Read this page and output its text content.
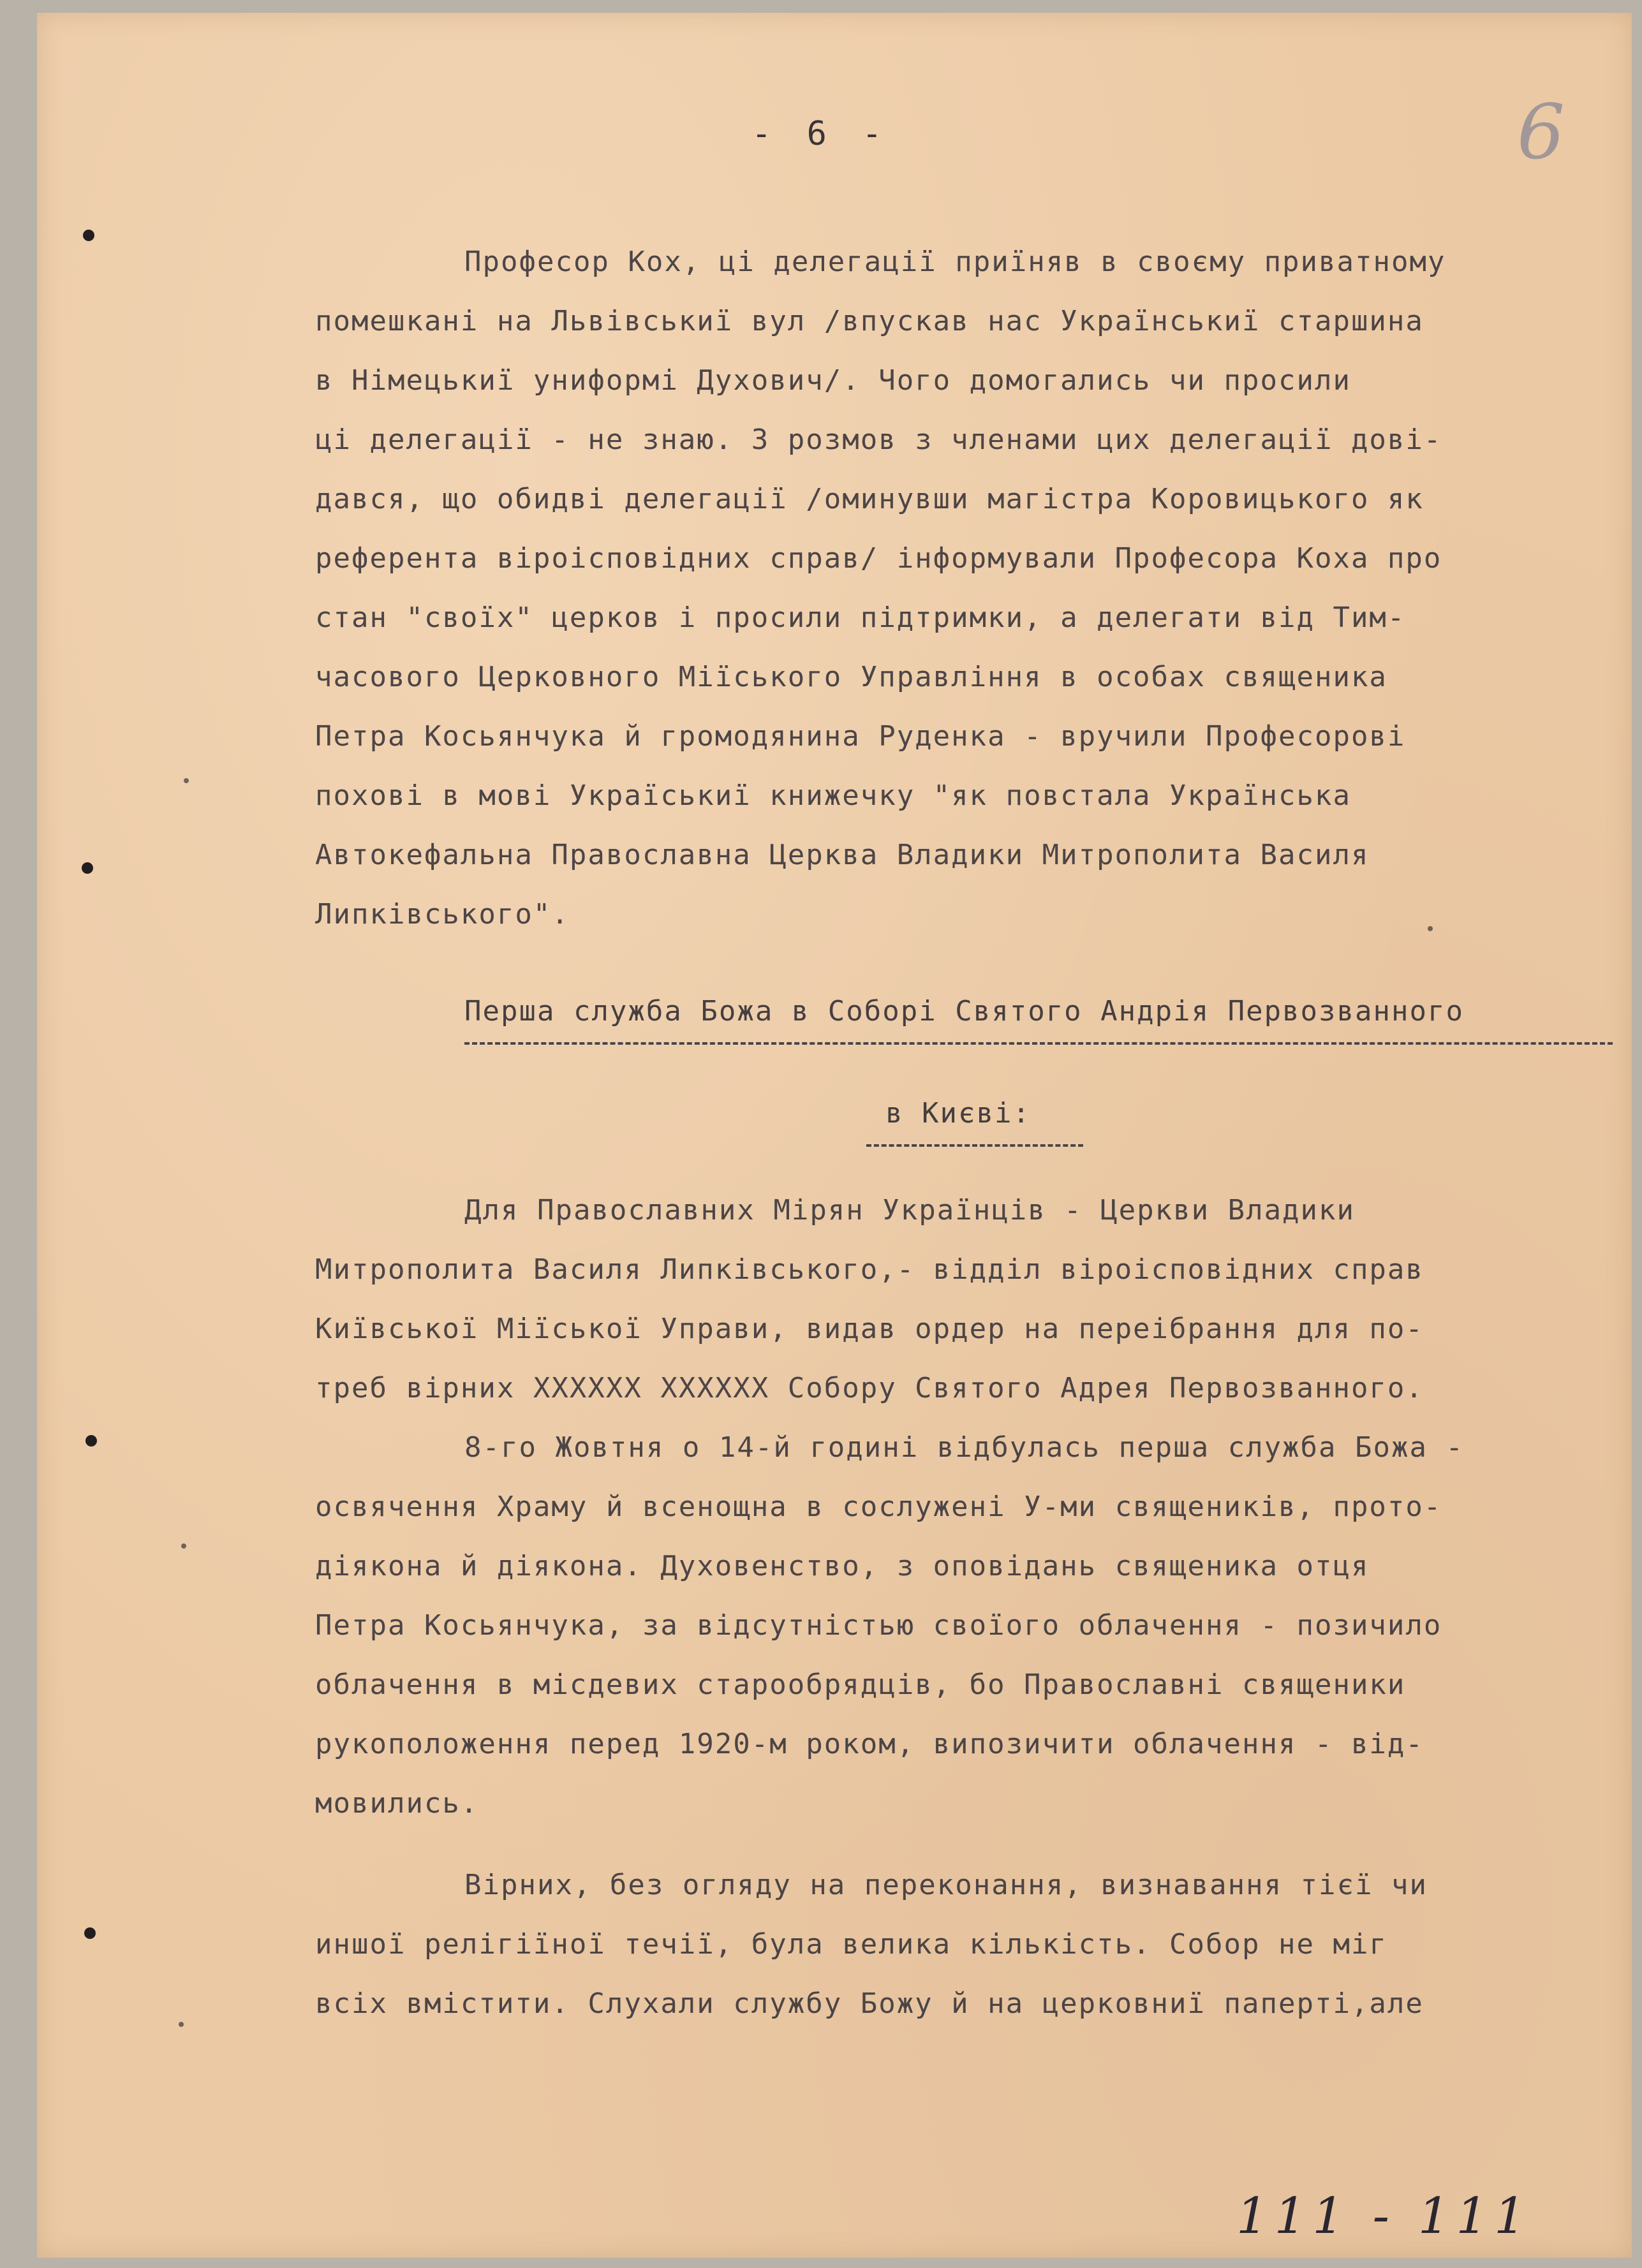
- 6 -	6
Професор Кох, ці делегації приїняв в своєму приватному
помешкані на Львівськиї вул /впускав нас Українськиї старшина
в Німецькиї униформі Духович/. Чого домогались чи просили
ці делегації - не знаю. З розмов з членами цих делегації дові-
дався, що обидві делегації /оминувши магістра Коровицького як
референта віроісповідних справ/ інформували Професора Коха про
стан "своїх" церков і просили підтримки, а делегати від Тим-
часового Церковного Міїського Управління в особах священика
Петра Косьянчука й громодянина Руденка - вручили Професорові
похові в мові Україськиї книжечку "як повстала Українська
Автокефальна Православна Церква Владики Митрополита Василя
Липківського".
Перша служба Божа в Соборі Святого Андрія Первозванного
в Києві:
Для Православних Мірян Українців - Церкви Владики
Митрополита Василя Липківського,- відділ віроісповідних справ
Київської Міїської Управи, видав ордер на переібрання для по-
треб вірних ХХХХХХ ХХХХХХ Собору Святого Адрея Первозванного.
8-го Жовтня о 14-й годині відбулась перша служба Божа -
освячення Храму й всенощна в сослужені У-ми священиків, прото-
діякона й діякона. Духовенство, з оповідань священика отця
Петра Косьянчука, за відсутністью своїого облачення - позичило
облачення в місдевих старообрядців, бо Православні священики
рукоположення перед 1920-м роком, випозичити облачення - від-
мовились.
Вірних, без огляду на переконання, визнавання тієї чи
иншої релігіїної течії, була велика кількість. Собор не міг
всіх вмістити. Слухали службу Божу й на церковниї паперті,але
111 - 111
